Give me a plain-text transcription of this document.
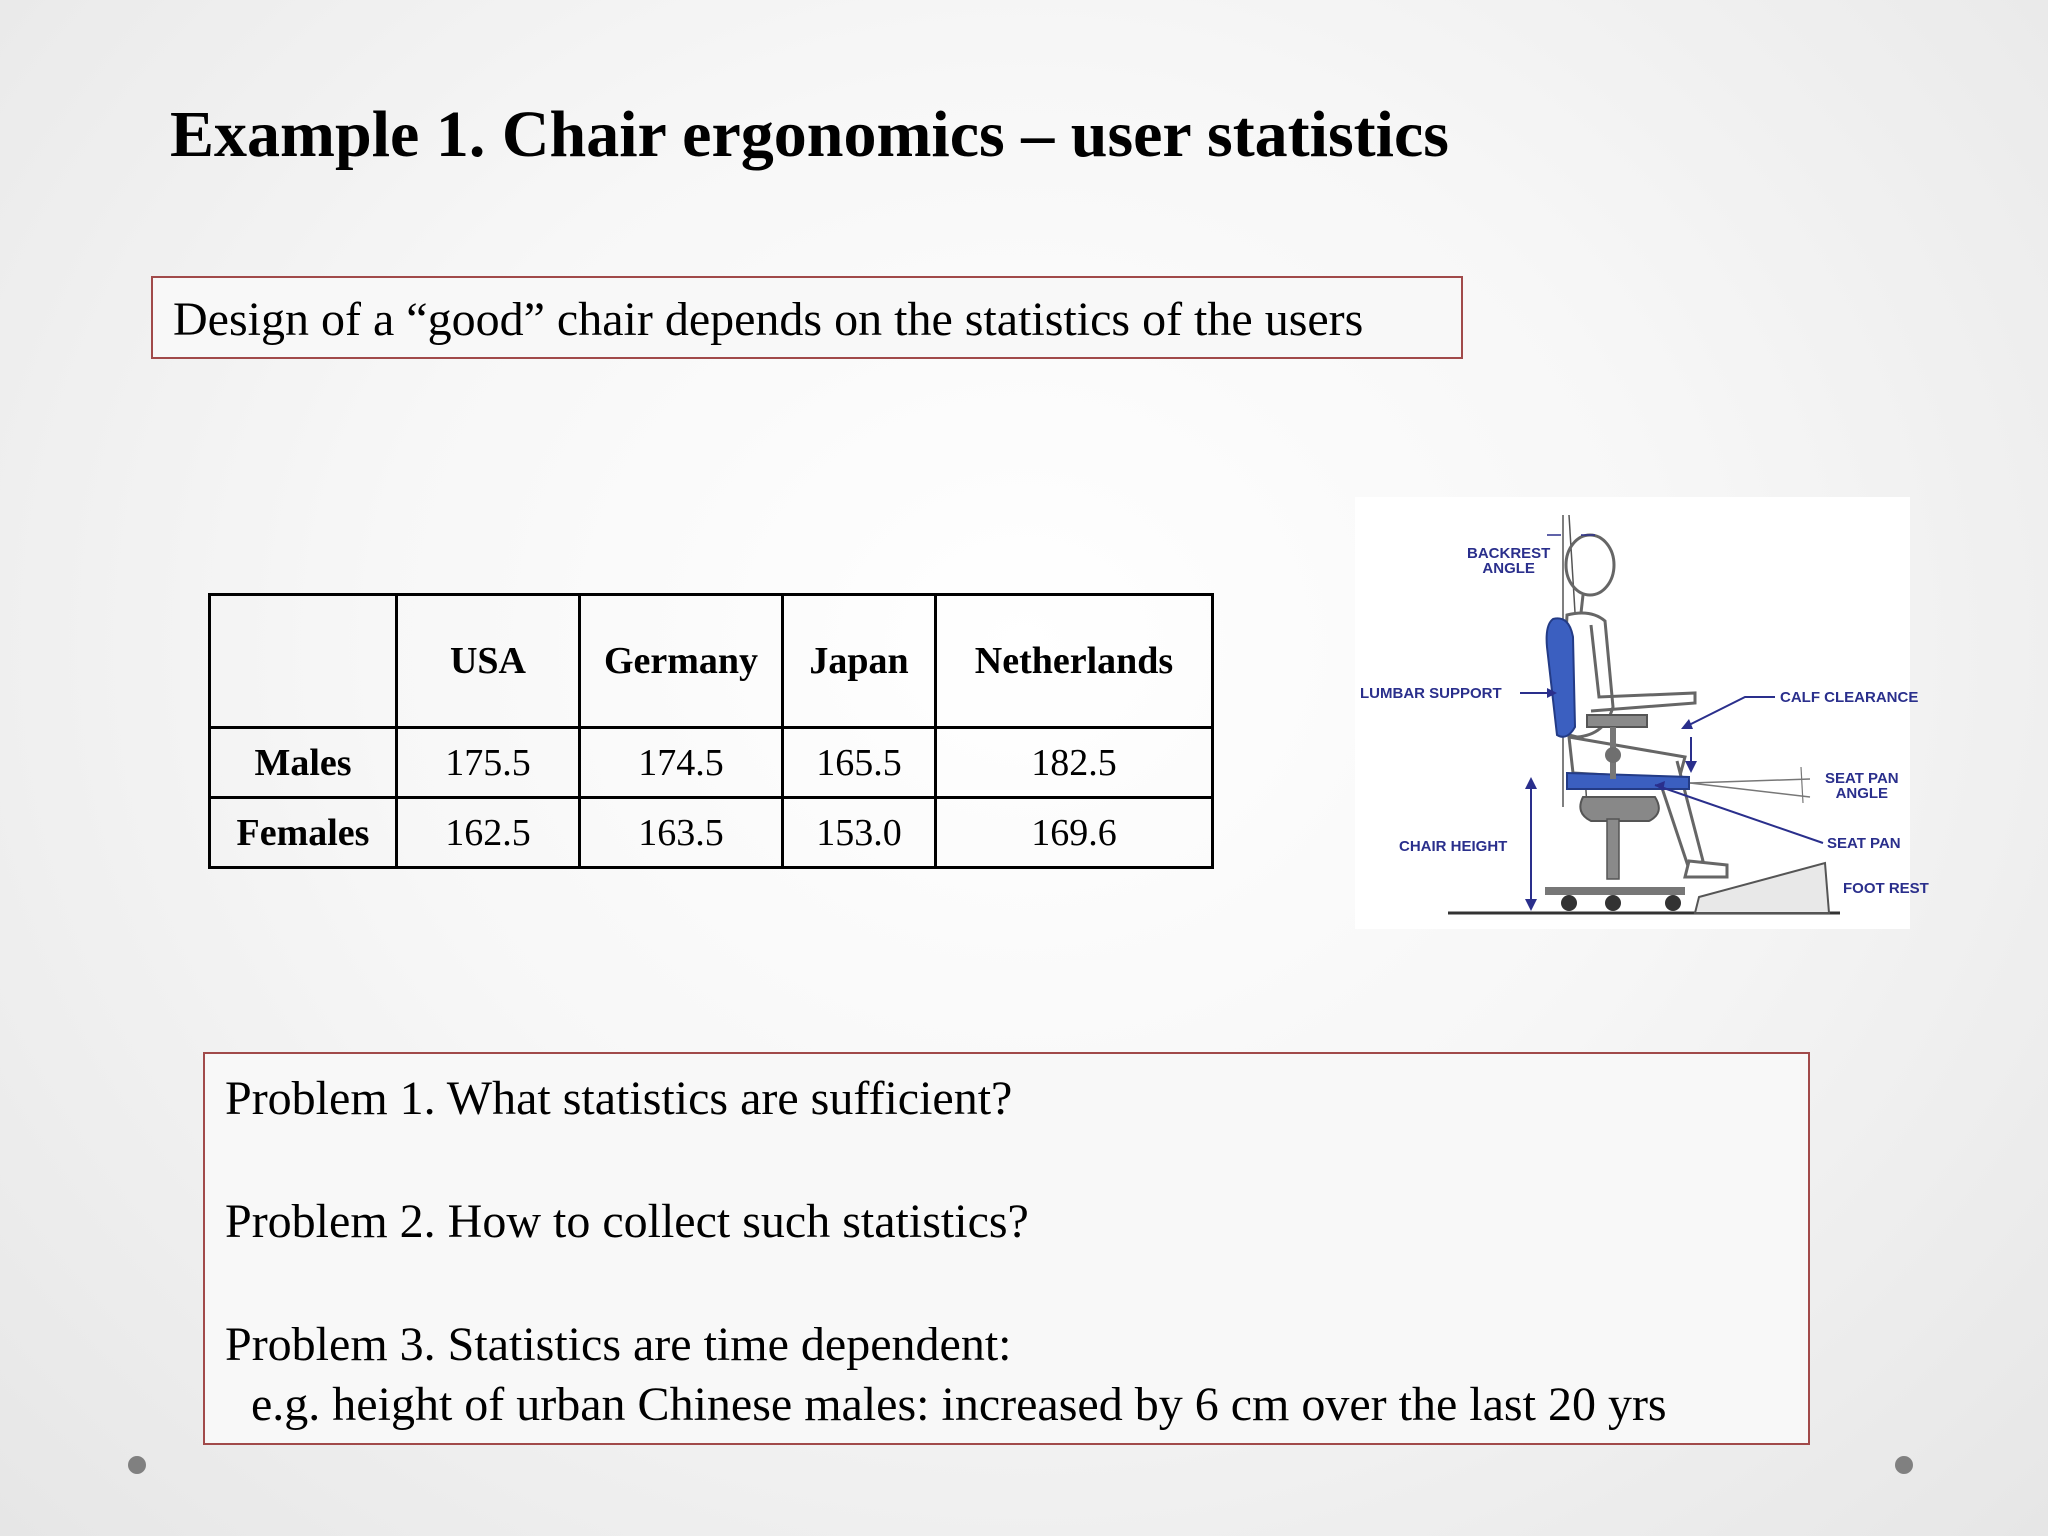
Example 1. Chair ergonomics – user statistics
Design of a “good” chair depends on the statistics of the users
	USA	Germany	Japan	Netherlands
Males	175.5	174.5	165.5	182.5
Females	162.5	163.5	153.0	169.6
BACKREST
ANGLE
LUMBAR SUPPORT	CALF CLEARANCE
SEAT PAN
ANGLE
SEAT PAN
CHAIR HEIGHT
FOOT REST
Problem 1. What statistics are sufficient?
Problem 2. How to collect such statistics?
Problem 3. Statistics are time dependent:
e.g. height of urban Chinese males: increased by 6 cm over the last 20 yrs
